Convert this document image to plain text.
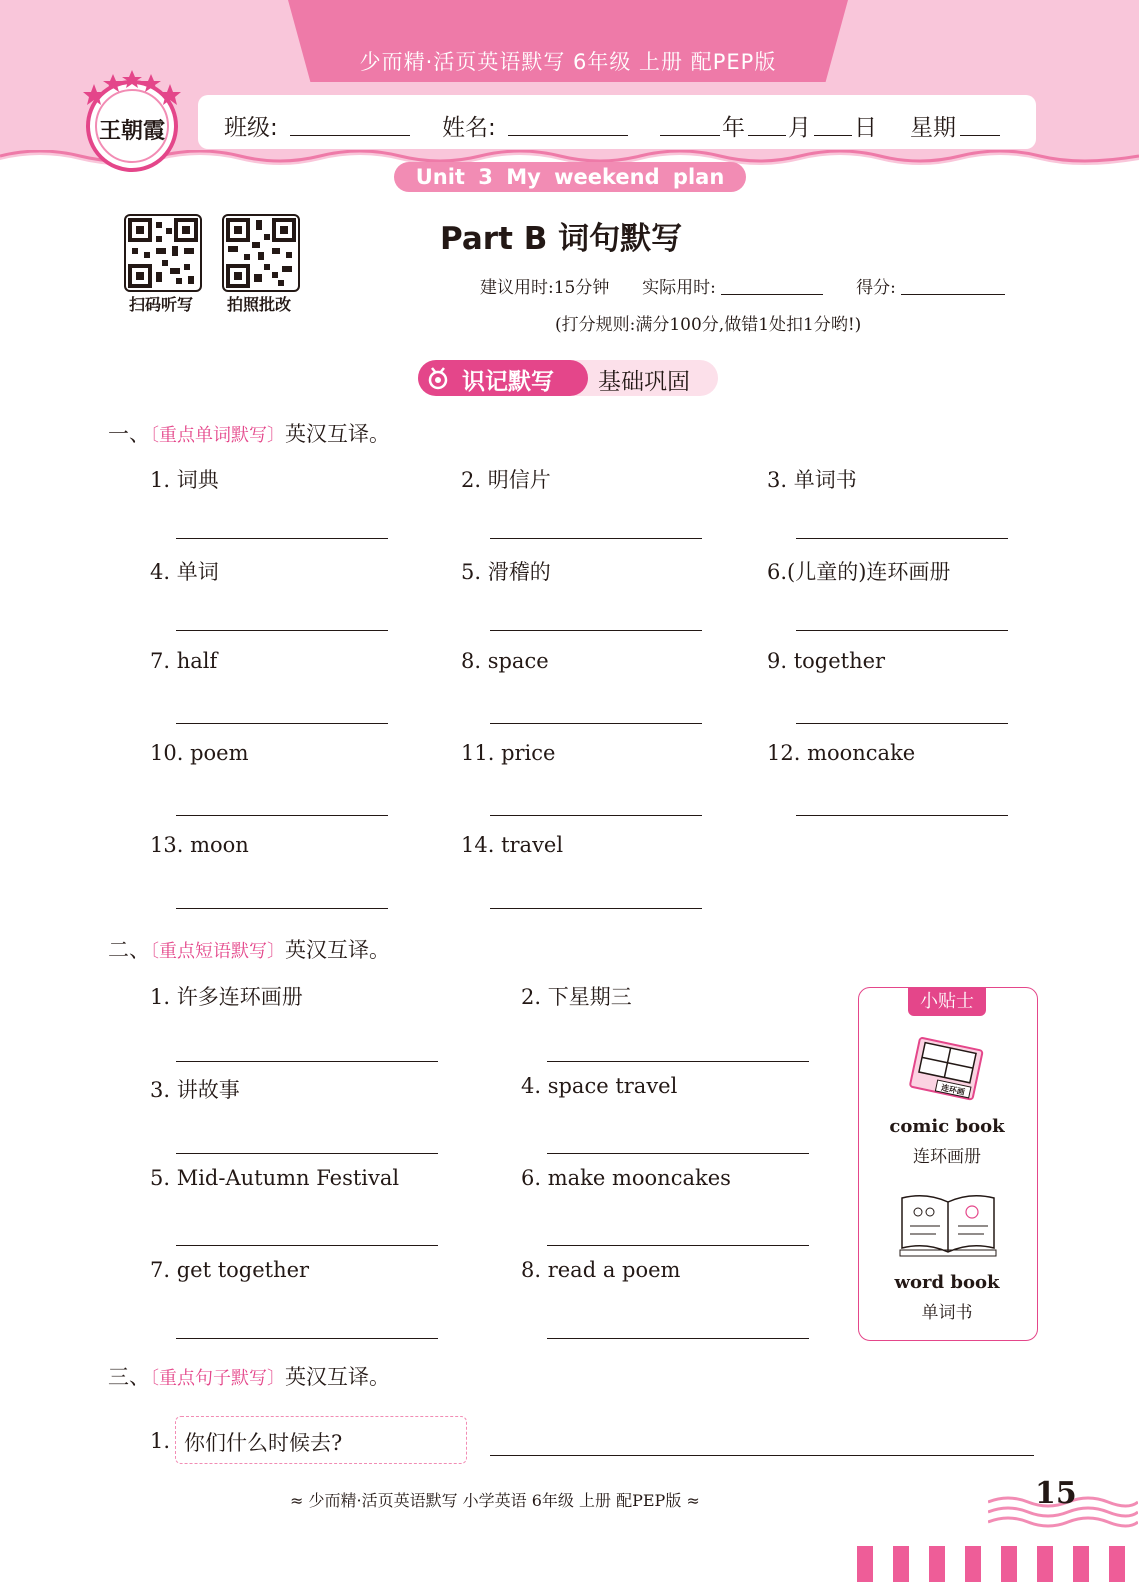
少而精·活页英语默写 6年级 上册 配PEP版
王朝霞	班级:	姓名:	年 月 日 星期
Unit 3 My weekend plan
扫码听写	拍照批改
Part B 词句默写
建议用时:15分钟 实际用时:	得分:
(打分规则:满分100分,做错1处扣1分哟!)
识记默写 基础巩固
一、〔重点单词默写〕英汉互译。
1. 词典	2. 明信片	3. 单词书
4. 单词	5. 滑稽的	6.(儿童的)连环画册
7. half	8. space	9. together
10. poem	11. price	12. mooncake
13. moon	14. travel
二、〔重点短语默写〕英汉互译。
1. 许多连环画册	2. 下星期三
3. 讲故事	4. space travel
5. Mid-Autumn Festival	6. make mooncakes
7. get together	8. read a poem
小贴士
连环画
comic book
连环画册
word book
单词书
三、〔重点句子默写〕英汉互译。
1. 你们什么时候去?
≈ 少而精·活页英语默写 小学英语 6年级 上册 配PEP版 ≈	15
